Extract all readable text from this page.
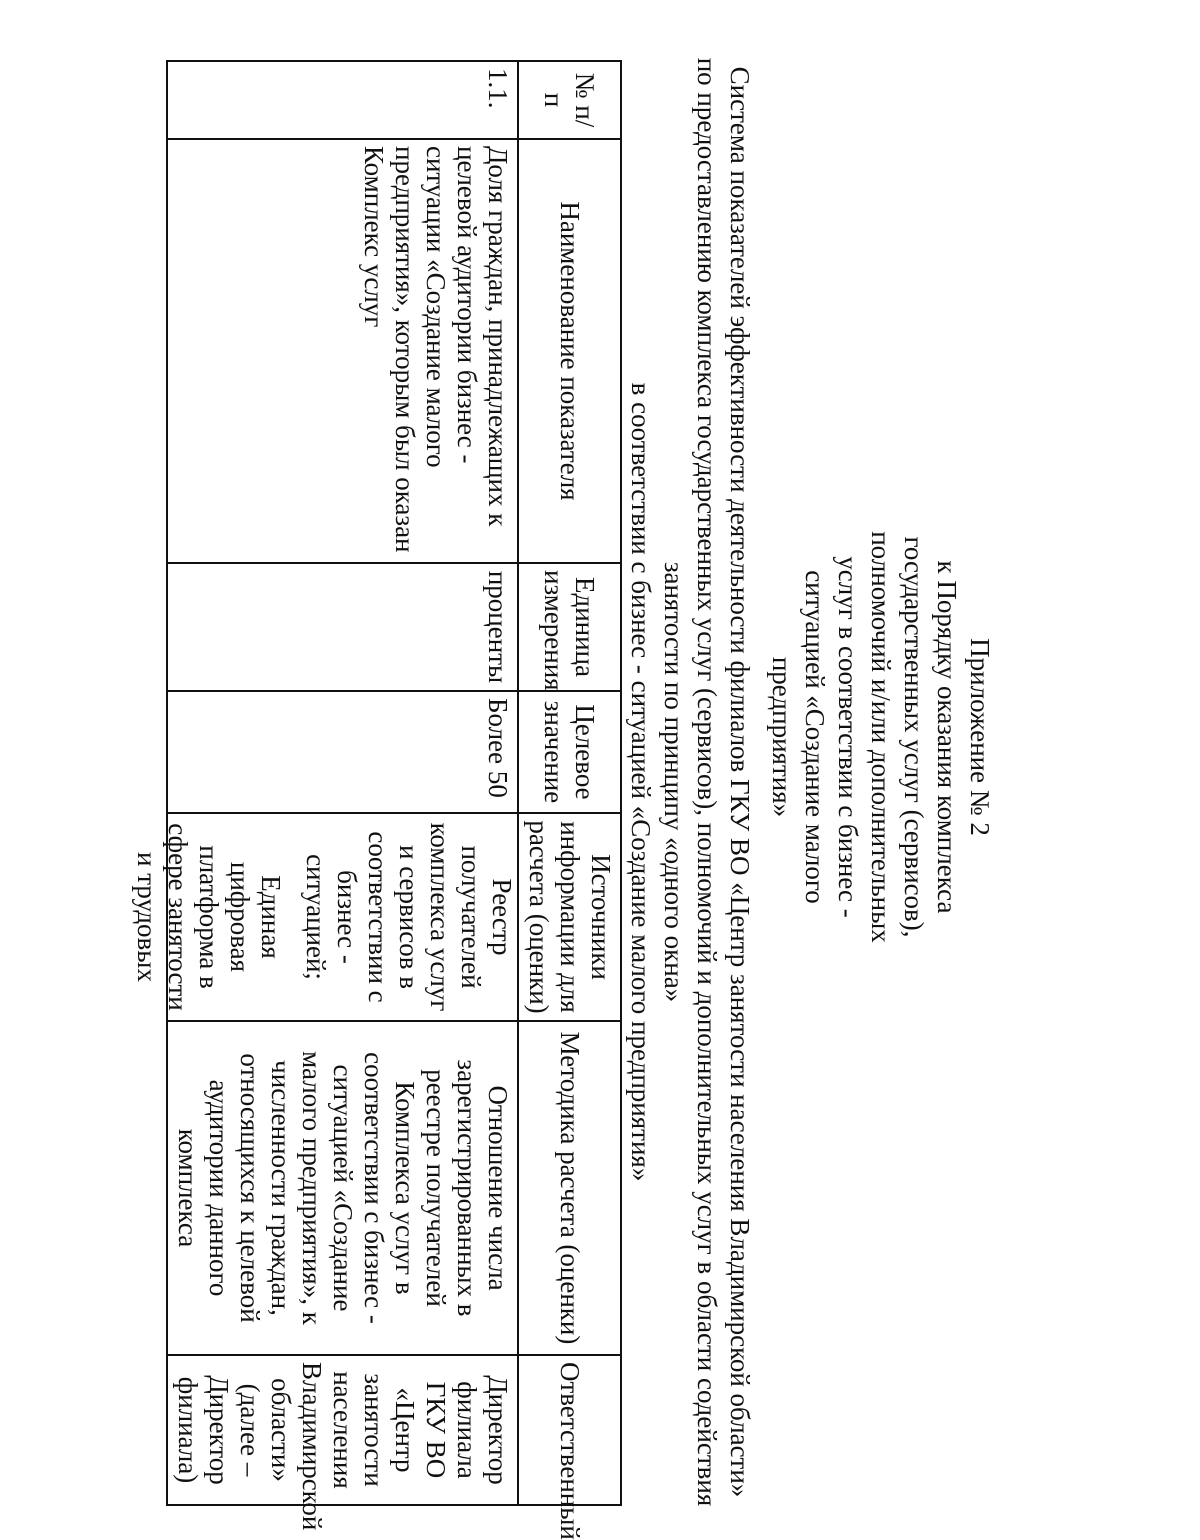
Приложение № 2
к Порядку оказания комплекса
государственных услуг (сервисов),
полномочий и/или дополнительных
услуг в соответствии с бизнес -
ситуацией «Создание малого
предприятия»
Система показателей эффективности деятельности филиалов ГКУ ВО «Центр занятости населения Владимирской области»
по предоставлению комплекса государственных услуг (сервисов), полномочий и дополнительных услуг в области содействия
занятости по принципу «одного окна»
в соответствии с бизнес - ситуацией «Создание малого предприятия»
№ п/п	Наименование показателя	Единица измерения	Целевое значение	Источники информации для расчета (оценки)	Методика расчета (оценки)	Ответственный
1.1.	Доля граждан, принадлежащих к целевой аудитории бизнес - ситуации «Создание малого предприятия», которым был оказан Комплекс услуг	проценты	Более 50	Реестр получателей комплекса услуг и сервисов в соответствии с бизнес - ситуацией;
Единая цифровая платформа в сфере занятости и трудовых	Отношение числа зарегистрированных в реестре получателей Комплекса услуг в соответствии с бизнес - ситуацией «Создание малого предприятия», к численности граждан, относящихся к целевой аудитории данного комплекса	Директор филиала ГКУ ВО «Центр занятости населения Владимирской области» (далее – Директор филиала)
